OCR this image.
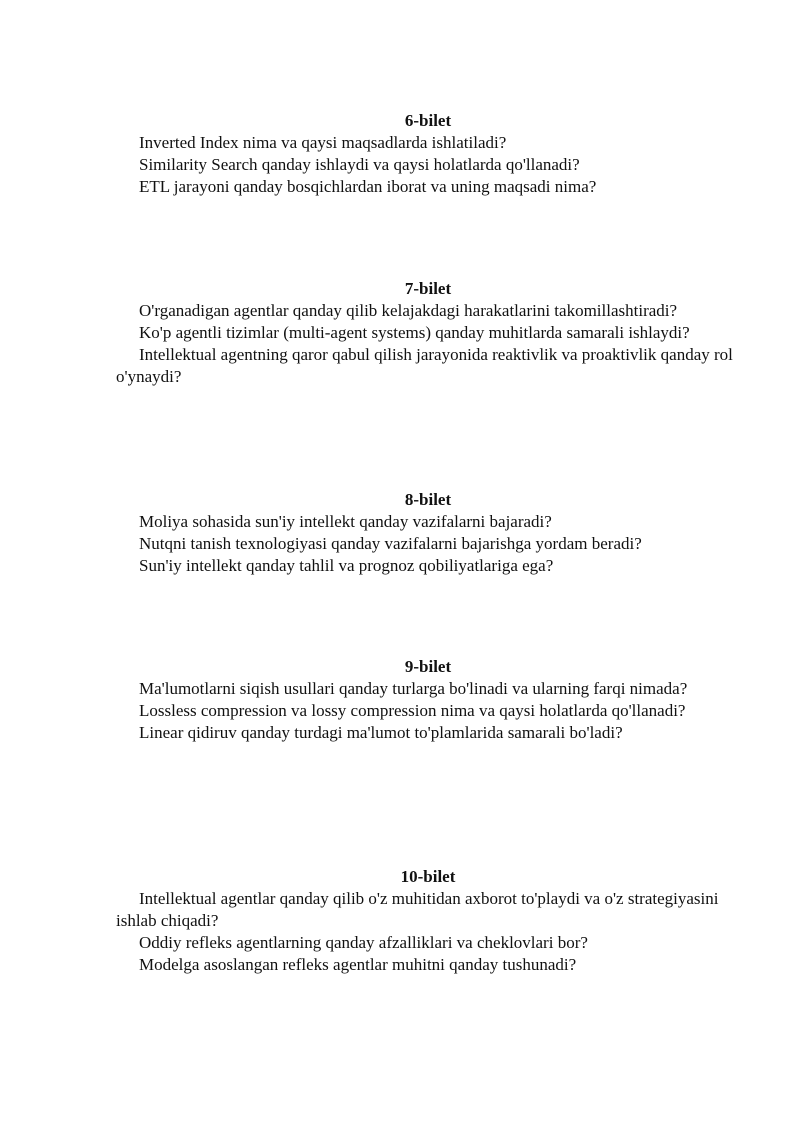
6-bilet

Inverted Index nima va qaysi maqsadlarda ishlatiladi?

Similarity Search qanday ishlaydi va qaysi holatlarda qo'llanadi?

ETL jarayoni qanday bosqichlardan iborat va uning maqsadi nima?

7-bilet

O'rganadigan agentlar qanday qilib kelajakdagi harakatlarini takomillashtiradi?

Ko'p agentli tizimlar (multi-agent systems) qanday muhitlarda samarali ishlaydi?

Intellektual agentning qaror qabul qilish jarayonida reaktivlik va proaktivlik qanday rol o'ynaydi?

8-bilet

Moliya sohasida sun'iy intellekt qanday vazifalarni bajaradi?

Nutqni tanish texnologiyasi qanday vazifalarni bajarishga yordam beradi?

Sun'iy intellekt qanday tahlil va prognoz qobiliyatlariga ega?

9-bilet

Ma'lumotlarni siqish usullari qanday turlarga bo'linadi va ularning farqi nimada?

Lossless compression va lossy compression nima va qaysi holatlarda qo'llanadi?

Linear qidiruv qanday turdagi ma'lumot to'plamlarida samarali bo'ladi?

10-bilet

Intellektual agentlar qanday qilib o'z muhitidan axborot to'playdi va o'z strategiyasini ishlab chiqadi?

Oddiy refleks agentlarning qanday afzalliklari va cheklovlari bor?

Modelga asoslangan refleks agentlar muhitni qanday tushunadi?
